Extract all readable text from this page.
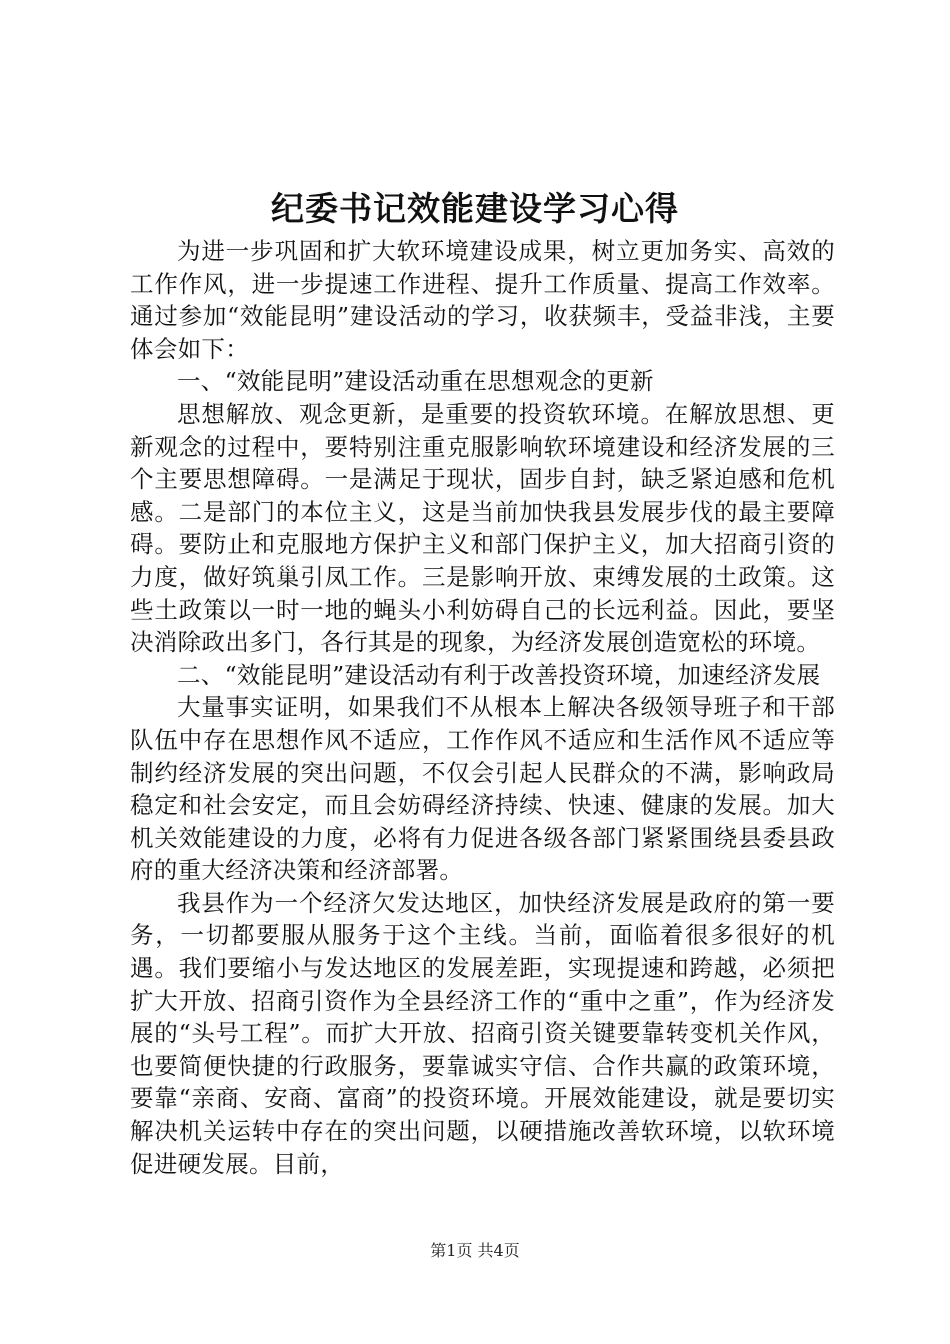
纪委书记效能建设学习心得

为进一步巩固和扩大软环境建设成果，树立更加务实、高效的工作作风，进一步提速工作进程、提升工作质量、提高工作效率。通过参加“效能昆明”建设活动的学习，收获频丰，受益非浅，主要体会如下：

一、“效能昆明”建设活动重在思想观念的更新

思想解放、观念更新，是重要的投资软环境。在解放思想、更新观念的过程中，要特别注重克服影响软环境建设和经济发展的三个主要思想障碍。一是满足于现状，固步自封，缺乏紧迫感和危机感。二是部门的本位主义，这是当前加快我县发展步伐的最主要障碍。要防止和克服地方保护主义和部门保护主义，加大招商引资的力度，做好筑巢引凤工作。三是影响开放、束缚发展的土政策。这些土政策以一时一地的蝇头小利妨碍自己的长远利益。因此，要坚决消除政出多门，各行其是的现象，为经济发展创造宽松的环境。

二、“效能昆明”建设活动有利于改善投资环境，加速经济发展

大量事实证明，如果我们不从根本上解决各级领导班子和干部队伍中存在思想作风不适应，工作作风不适应和生活作风不适应等制约经济发展的突出问题，不仅会引起人民群众的不满，影响政局稳定和社会安定，而且会妨碍经济持续、快速、健康的发展。加大机关效能建设的力度，必将有力促进各级各部门紧紧围绕县委县政府的重大经济决策和经济部署。

我县作为一个经济欠发达地区，加快经济发展是政府的第一要务，一切都要服从服务于这个主线。当前，面临着很多很好的机遇。我们要缩小与发达地区的发展差距，实现提速和跨越，必须把扩大开放、招商引资作为全县经济工作的“重中之重”，作为经济发展的“头号工程”。而扩大开放、招商引资关键要靠转变机关作风，也要简便快捷的行政服务，要靠诚实守信、合作共赢的政策环境，要靠“亲商、安商、富商”的投资环境。开展效能建设，就是要切实解决机关运转中存在的突出问题，以硬措施改善软环境，以软环境促进硬发展。目前，

第1页 共4页
